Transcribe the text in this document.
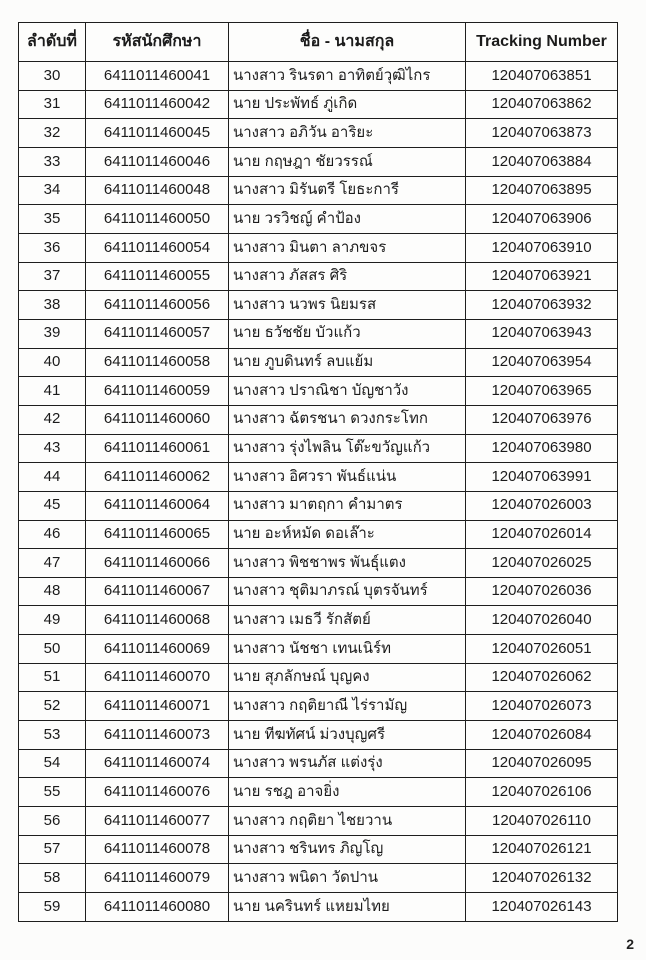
ลำดับที่	รหัสนักศึกษา	ชื่อ - นามสกุล	Tracking Number
30	6411011460041	นางสาว รินรดา อาทิตย์วุฒิไกร	120407063851
31	6411011460042	นาย ประพัทธ์ ภู่เกิด	120407063862
32	6411011460045	นางสาว อภิวัน อาริยะ	120407063873
33	6411011460046	นาย กฤษฎา ชัยวรรณ์	120407063884
34	6411011460048	นางสาว มิรันตรี โยธะการี	120407063895
35	6411011460050	นาย วรวิชญ์ คำป้อง	120407063906
36	6411011460054	นางสาว มินตา ลาภขจร	120407063910
37	6411011460055	นางสาว ภัสสร ศิริ	120407063921
38	6411011460056	นางสาว นวพร นิยมรส	120407063932
39	6411011460057	นาย ธวัชชัย บัวแก้ว	120407063943
40	6411011460058	นาย ภูบดินทร์ ลบแย้ม	120407063954
41	6411011460059	นางสาว ปราณิชา บัญชาวัง	120407063965
42	6411011460060	นางสาว ฉัตรชนา ดวงกระโทก	120407063976
43	6411011460061	นางสาว รุ่งไพลิน โต๊ะขวัญแก้ว	120407063980
44	6411011460062	นางสาว อิศวรา พันธ์แน่น	120407063991
45	6411011460064	นางสาว มาตฤกา คำมาตร	120407026003
46	6411011460065	นาย อะห์หมัด ดอเล๊าะ	120407026014
47	6411011460066	นางสาว พิชชาพร พันธุ์แตง	120407026025
48	6411011460067	นางสาว ชุติมาภรณ์ บุตรจันทร์	120407026036
49	6411011460068	นางสาว เมธวี รักสัตย์	120407026040
50	6411011460069	นางสาว นัชชา เทนเนิร์ท	120407026051
51	6411011460070	นาย สุภลักษณ์ บุญคง	120407026062
52	6411011460071	นางสาว กฤติยาณี ไร่รามัญ	120407026073
53	6411011460073	นาย ทีฆทัศน์ ม่วงบุญศรี	120407026084
54	6411011460074	นางสาว พรนภัส แต่งรุ่ง	120407026095
55	6411011460076	นาย รชฎ อาจยิ่ง	120407026106
56	6411011460077	นางสาว กฤติยา ไชยวาน	120407026110
57	6411011460078	นางสาว ชรินทร ภิญโญ	120407026121
58	6411011460079	นางสาว พนิดา วัดปาน	120407026132
59	6411011460080	นาย นครินทร์ แหยมไทย	120407026143
2
